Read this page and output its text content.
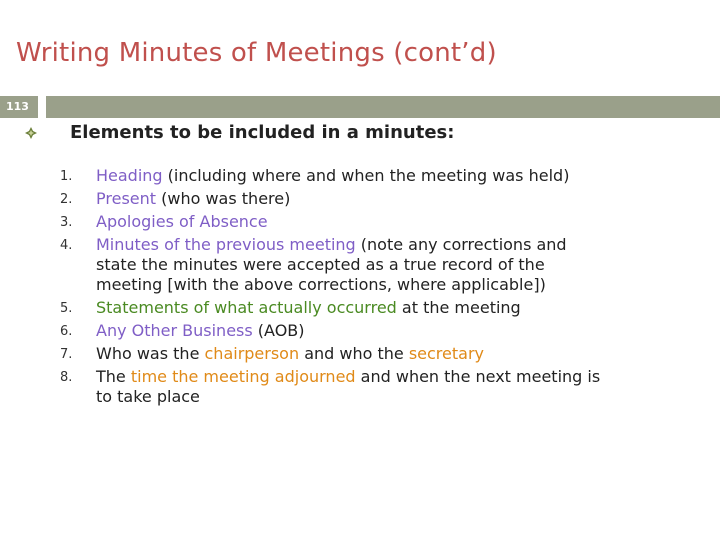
Writing Minutes of Meetings (cont’d)
113
Elements to be included in a minutes:
1. Heading (including where and when the meeting was held)
2. Present (who was there)
3. Apologies of Absence
4. Minutes of the previous meeting (note any corrections and state the minutes were accepted as a true record of the meeting [with the above corrections, where applicable])
5. Statements of what actually occurred at the meeting
6. Any Other Business (AOB)
7. Who was the chairperson and who the secretary
8. The time the meeting adjourned and when the next meeting is to take place
